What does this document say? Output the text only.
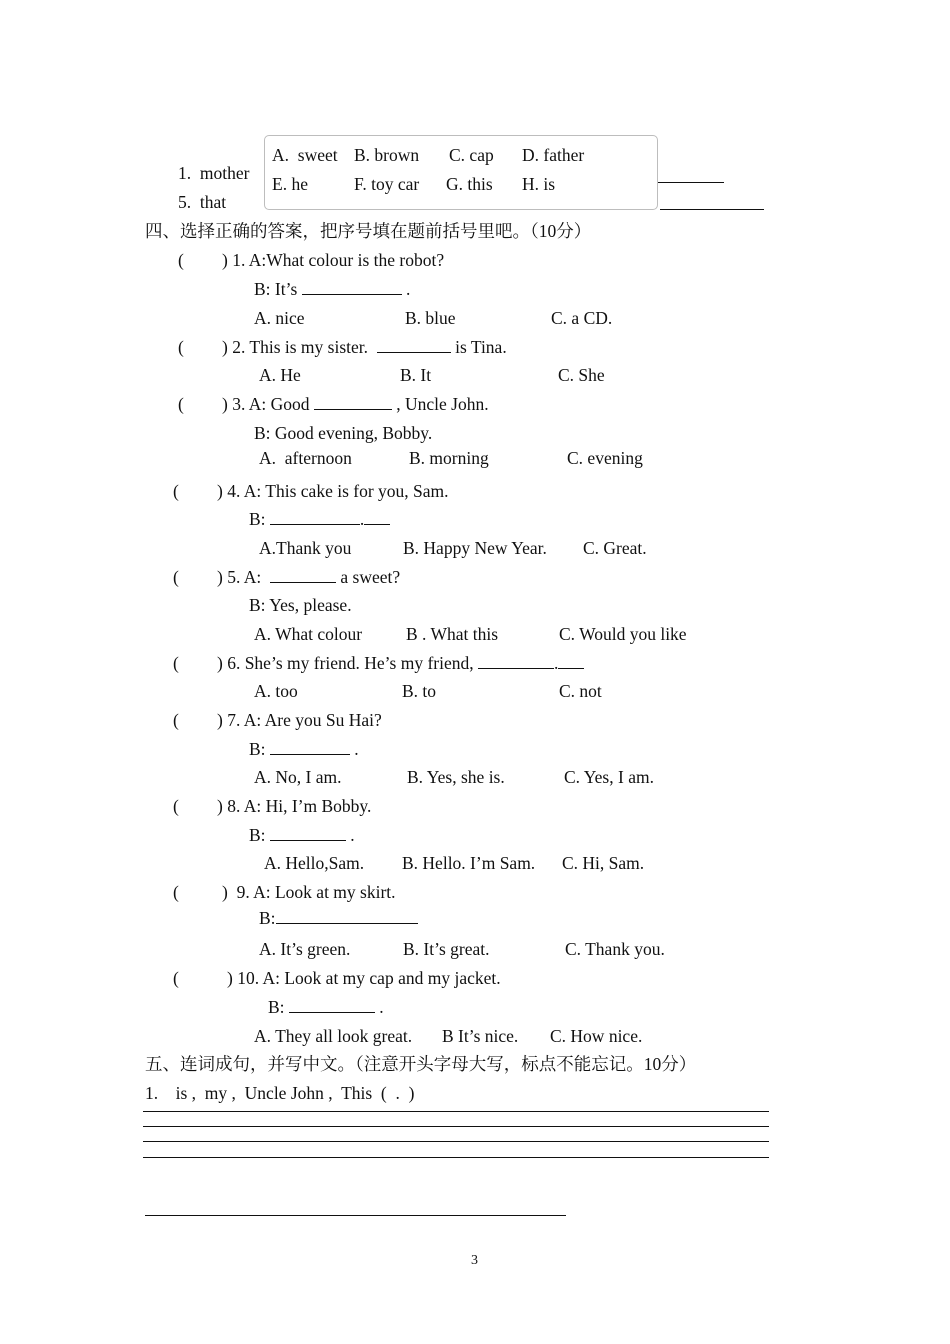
1.  mother
5.  that
A.  sweet B. brown C. cap D. father
E. he	F. toy car G. this H. is
四、选择正确的答案，把序号填在题前括号里吧。（10分）
( ) 1. A:What colour is the robot?
B: It’s	.
A. nice	B. blue	C. a CD.
( ) 2. This is my sister.	is Tina.
A. He	B. It	C. She
( ) 3. A: Good	, Uncle John.
B: Good evening, Bobby.
A.  afternoon	B. morning	C. evening
( ) 4. A: This cake is for you, Sam.
B:	.
A.Thank you	B. Happy New Year. C. Great.
( ) 5. A:	a sweet?
B: Yes, please.
A. What colour	B . What this	C. Would you like
( ) 6. She’s my friend. He’s my friend,	.
A. too	B. to	C. not
( ) 7. A: Are you Su Hai?
B:	.
A. No, I am.	B. Yes, she is.	C. Yes, I am.
( ) 8. A: Hi, I’m Bobby.
B:	.
A. Hello,Sam. B. Hello. I’m Sam. C. Hi, Sam.
( )  9. A: Look at my skirt.
B:
A. It’s green.	B. It’s great.	C. Thank you.
(	) 10. A: Look at my cap and my jacket.
B:	.
A. They all look great. B It’s nice. C. How nice.
五、连词成句，并写中文。（注意开头字母大写，标点不能忘记。10分）
1.    is ,  my ,  Uncle John ,  This  (  .  )
3
